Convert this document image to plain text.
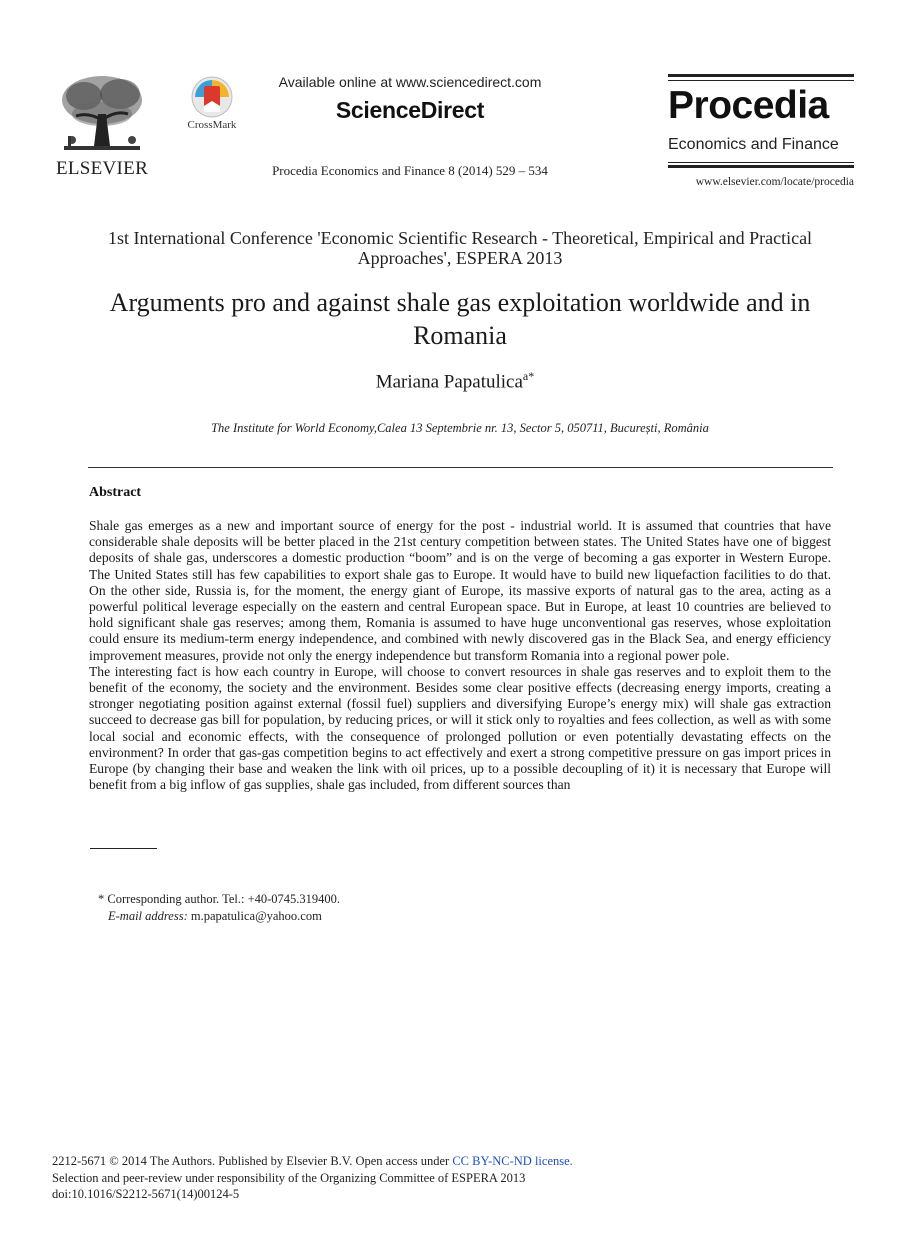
ELSEVIER
CrossMark
Available online at www.sciencedirect.com
ScienceDirect
Procedia Economics and Finance 8 (2014) 529 – 534
Procedia
Economics and Finance
www.elsevier.com/locate/procedia
1st International Conference 'Economic Scientific Research - Theoretical, Empirical and Practical Approaches', ESPERA 2013
Arguments pro and against shale gas exploitation worldwide and in Romania
Mariana Papatulica$^{a*}$
The Institute for World Economy,Calea 13 Septembrie nr. 13, Sector 5, 050711, București, România
Abstract

Shale gas emerges as a new and important source of energy for the post - industrial world. It is assumed that countries that have considerable shale deposits will be better placed in the 21st century competition between states. The United States have one of biggest deposits of shale gas, underscores a domestic production “boom” and is on the verge of becoming a gas exporter in Western Europe. The United States still has few capabilities to export shale gas to Europe. It would have to build new liquefaction facilities to do that. On the other side, Russia is, for the moment, the energy giant of Europe, its massive exports of natural gas to the area, acting as a powerful political leverage especially on the eastern and central European space. But in Europe, at least 10 countries are believed to hold significant shale gas reserves; among them, Romania is assumed to have huge unconventional gas reserves, whose exploitation could ensure its medium-term energy independence, and combined with newly discovered gas in the Black Sea, and energy efficiency improvement measures, provide not only the energy independence but transform Romania into a regional power pole.

The interesting fact is how each country in Europe, will choose to convert resources in shale gas reserves and to exploit them to the benefit of the economy, the society and the environment. Besides some clear positive effects (decreasing energy imports, creating a stronger negotiating position against external (fossil fuel) suppliers and diversifying Europe’s energy mix) will shale gas extraction succeed to decrease gas bill for population, by reducing prices, or will it stick only to royalties and fees collection, as well as with some local social and economic effects, with the consequence of prolonged pollution or even potentially devastating effects on the environment? In order that gas-gas competition begins to act effectively and exert a strong competitive pressure on gas import prices in Europe (by changing their base and weaken the link with oil prices, up to a possible decoupling of it) it is necessary that Europe will benefit from a big inflow of gas supplies, shale gas included, from different sources than

* Corresponding author. Tel.: +40-0745.319400.
E-mail address: m.papatulica@yahoo.com
2212-5671 © 2014 The Authors. Published by Elsevier B.V. Open access under CC BY-NC-ND license.
Selection and peer-review under responsibility of the Organizing Committee of ESPERA 2013
doi:10.1016/S2212-5671(14)00124-5
